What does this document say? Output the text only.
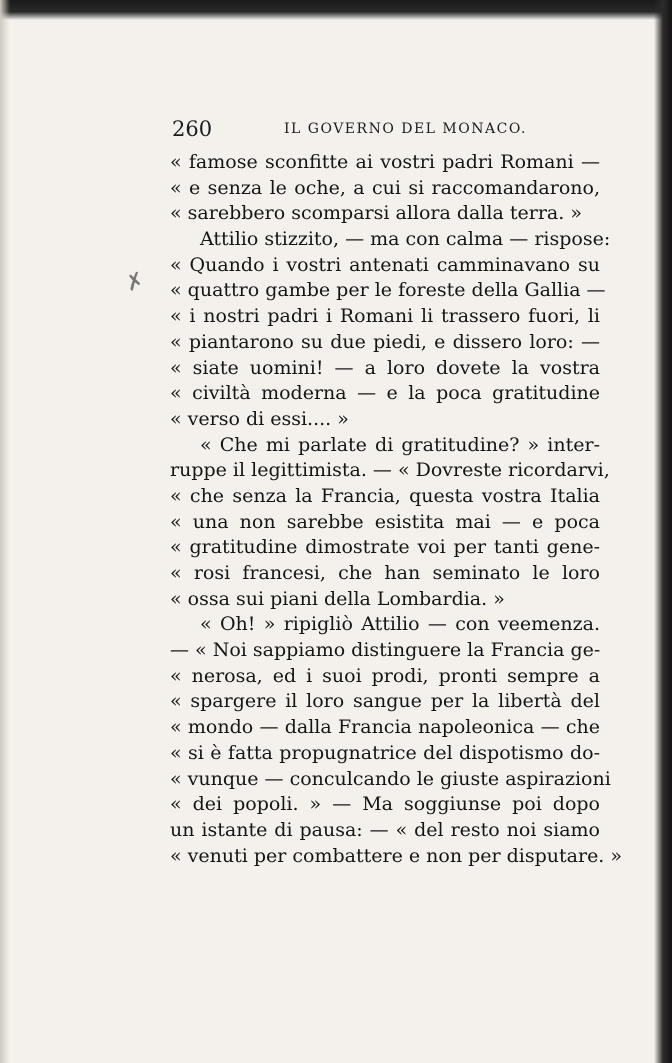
260	IL GOVERNO DEL MONACO.
✗
« famose sconfitte ai vostri padri Romani —
« e senza le oche, a cui si raccomandarono,
« sarebbero scomparsi allora dalla terra. »
Attilio stizzito, — ma con calma — rispose:
« Quando i vostri antenati camminavano su
« quattro gambe per le foreste della Gallia —
« i nostri padri i Romani li trassero fuori, li
« piantarono su due piedi, e dissero loro: —
« siate uomini! — a loro dovete la vostra
« civiltà moderna — e la poca gratitudine
« verso di essi.... »
« Che mi parlate di gratitudine? » inter-
ruppe il legittimista. — « Dovreste ricordarvi,
« che senza la Francia, questa vostra Italia
« una non sarebbe esistita mai — e poca
« gratitudine dimostrate voi per tanti gene-
« rosi francesi, che han seminato le loro
« ossa sui piani della Lombardia. »
« Oh! » ripigliò Attilio — con veemenza.
— « Noi sappiamo distinguere la Francia ge-
« nerosa, ed i suoi prodi, pronti sempre a
« spargere il loro sangue per la libertà del
« mondo — dalla Francia napoleonica — che
« si è fatta propugnatrice del dispotismo do-
« vunque — conculcando le giuste aspirazioni
« dei popoli. » — Ma soggiunse poi dopo
un istante di pausa: — « del resto noi siamo
« venuti per combattere e non per disputare. »
